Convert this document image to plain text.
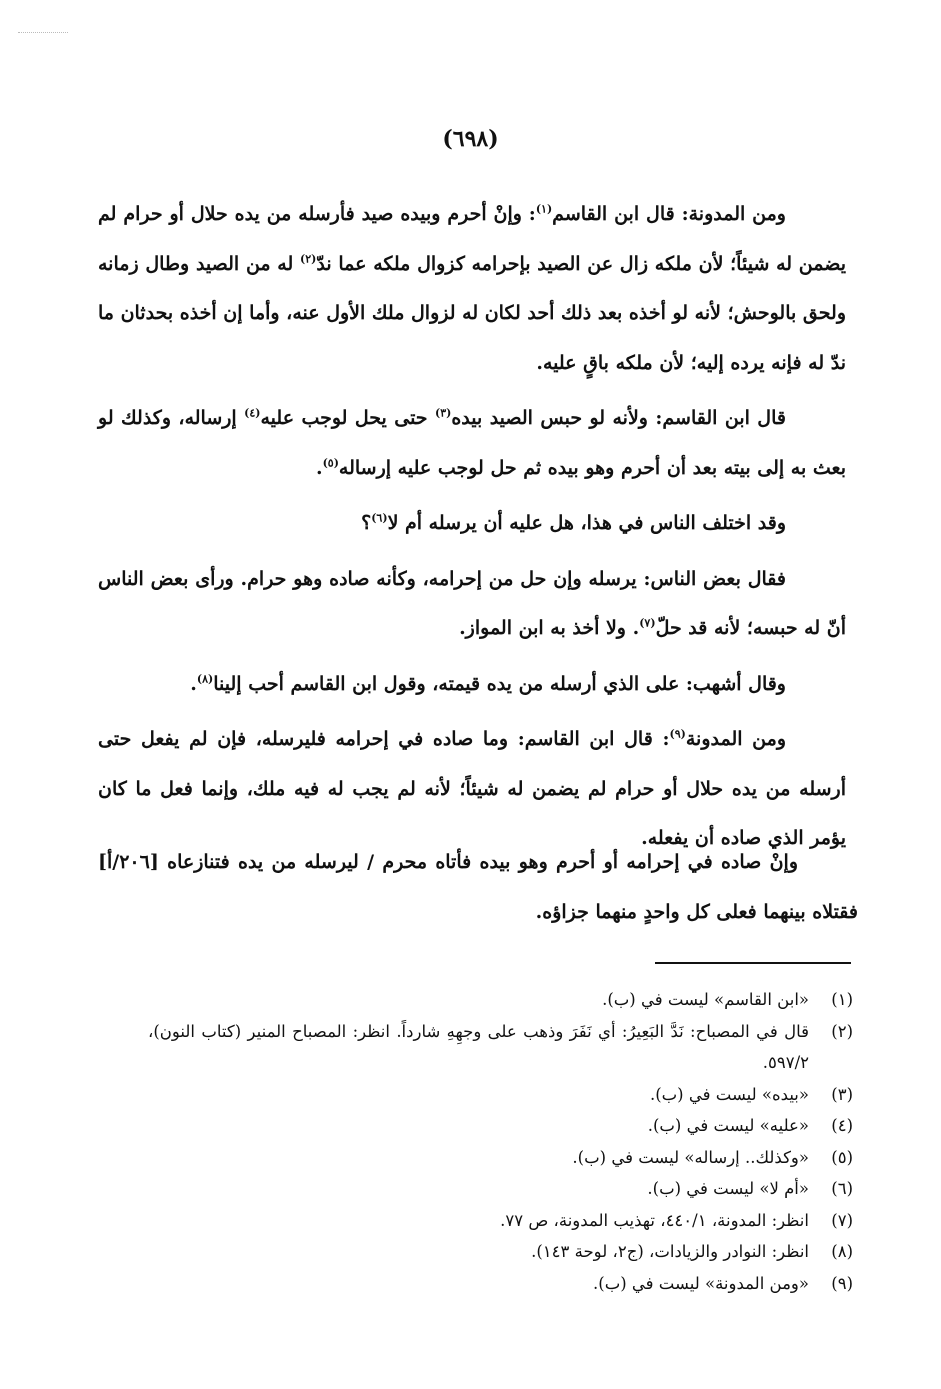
(٦٩٨)

ومن المدونة: قال ابن القاسم$^{(١)}$: وإنْ أحرم وبيده صيد فأرسله من يده حلال أو حرام لم يضمن له شيئاً؛ لأن ملكه زال عن الصيد بإحرامه كزوال ملكه عما ندّ$^{(٢)}$ له من الصيد وطال زمانه ولحق بالوحش؛ لأنه لو أخذه بعد ذلك أحد لكان له لزوال ملك الأول عنه، وأما إن أخذه بحدثان ما ندّ له فإنه يرده إليه؛ لأن ملكه باقٍ عليه.

قال ابن القاسم: ولأنه لو حبس الصيد بيده$^{(٣)}$ حتى يحل لوجب عليه$^{(٤)}$ إرساله، وكذلك لو بعث به إلى بيته بعد أن أحرم وهو بيده ثم حل لوجب عليه إرساله$^{(٥)}$.

وقد اختلف الناس في هذا، هل عليه أن يرسله أم لا$^{(٦)}$؟

فقال بعض الناس: يرسله وإن حل من إحرامه، وكأنه صاده وهو حرام. ورأى بعض الناس أنّ له حبسه؛ لأنه قد حلّ$^{(٧)}$. ولا أخذ به ابن المواز.

وقال أشهب: على الذي أرسله من يده قيمته، وقول ابن القاسم أحب إلينا$^{(٨)}$.

ومن المدونة$^{(٩)}$: قال ابن القاسم: وما صاده في إحرامه فليرسله، فإن لم يفعل حتى أرسله من يده حلال أو حرام لم يضمن له شيئاً؛ لأنه لم يجب له فيه ملك، وإنما فعل ما كان يؤمر الذي صاده أن يفعله.

وإنْ صاده في إحرامه أو أحرم وهو بيده فأتاه محرم / ليرسله من يده فتنازعاه [٢٠٦/أ] فقتلاه بينهما فعلى كل واحدٍ منهما جزاؤه.

(١)
«ابن القاسم» ليست في (ب).
(٢)
قال في المصباح: نَدَّ البَعِيرُ: أي نَفَرَ وذهب على وجهِهِ شارداً. انظر: المصباح المنير (كتاب النون)، ٥٩٧/٢.
(٣)
«بيده» ليست في (ب).
(٤)
«عليه» ليست في (ب).
(٥)
«وكذلك.. إرساله» ليست في (ب).
(٦)
«أم لا» ليست في (ب).
(٧)
انظر: المدونة، ٤٤٠/١، تهذيب المدونة، ص ٧٧.
(٨)
انظر: النوادر والزيادات، (ج٢، لوحة ١٤٣).
(٩)
«ومن المدونة» ليست في (ب).
